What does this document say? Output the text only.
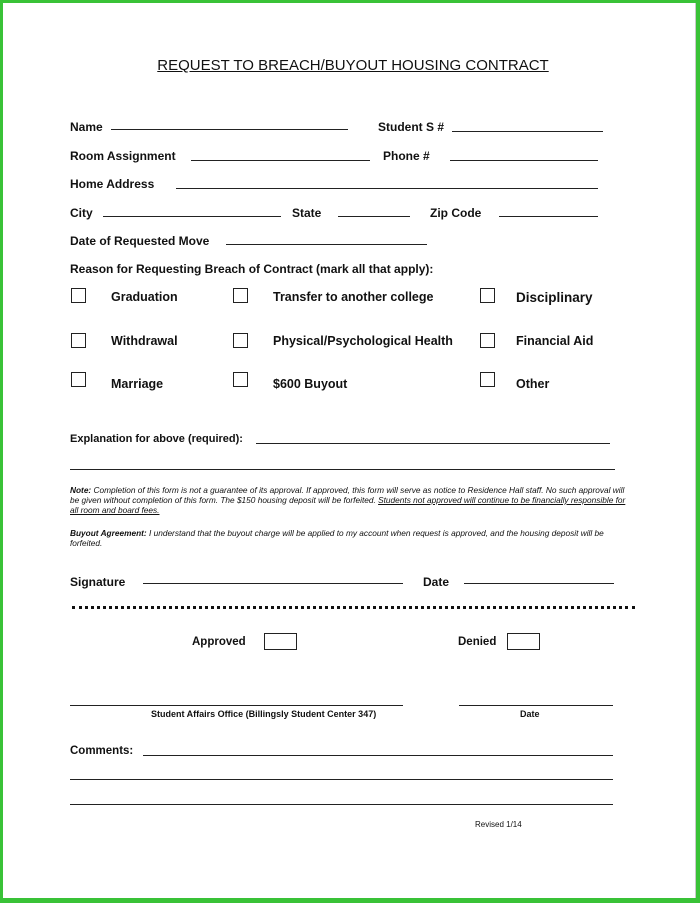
REQUEST TO BREACH/BUYOUT HOUSING CONTRACT
Name	Student S #
Room Assignment	Phone #
Home Address
City	State	Zip Code
Date of Requested Move
Reason for Requesting Breach of Contract (mark all that apply):
Graduation	Transfer to another college	Disciplinary
Withdrawal	Physical/Psychological Health	Financial Aid
Marriage	$600 Buyout	Other
Explanation for above (required):
Note: Completion of this form is not a guarantee of its approval. If approved, this form will serve as notice to Residence Hall staff. No such approval will be given without completion of this form. The $150 housing deposit will be forfeited. Students not approved will continue to be financially responsible for all room and board fees.
Buyout Agreement: I understand that the buyout charge will be applied to my account when request is approved, and the housing deposit will be forfeited.
Signature	Date
Approved	Denied
Student Affairs Office (Billingsly Student Center 347)	Date
Comments:
Revised 1/14
